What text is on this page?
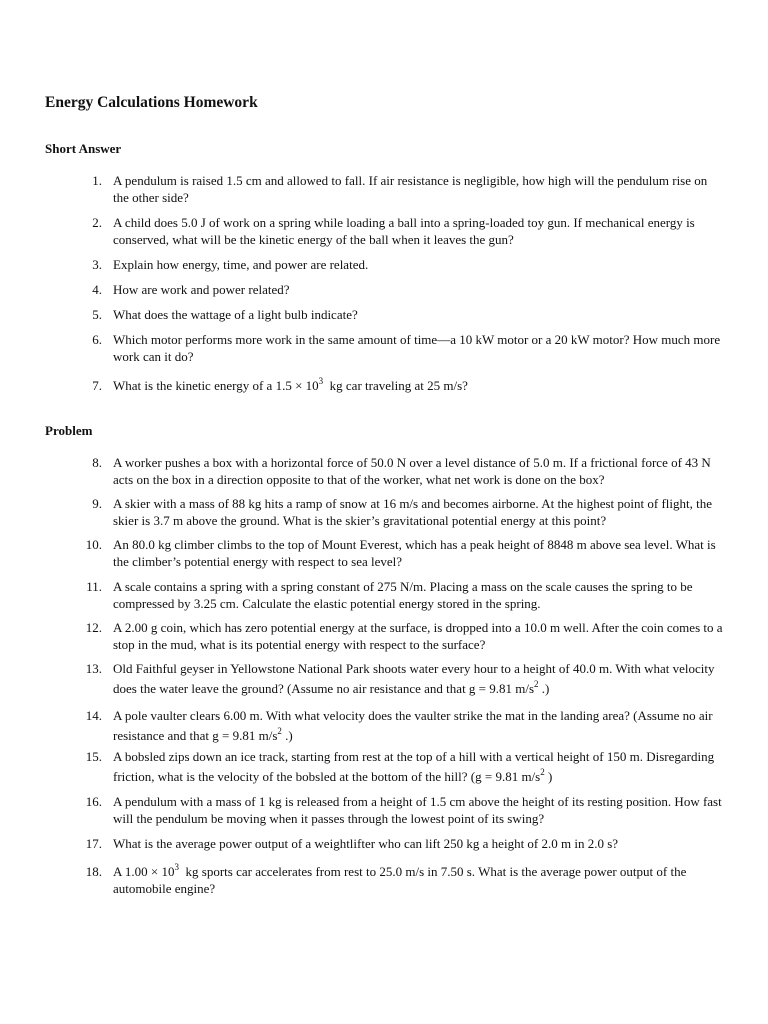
Energy Calculations Homework
Short Answer
1. A pendulum is raised 1.5 cm and allowed to fall. If air resistance is negligible, how high will the pendulum rise on the other side?
2. A child does 5.0 J of work on a spring while loading a ball into a spring-loaded toy gun. If mechanical energy is conserved, what will be the kinetic energy of the ball when it leaves the gun?
3. Explain how energy, time, and power are related.
4. How are work and power related?
5. What does the wattage of a light bulb indicate?
6. Which motor performs more work in the same amount of time—a 10 kW motor or a 20 kW motor? How much more work can it do?
7. What is the kinetic energy of a $1.5 \times 10^3$  kg car traveling at 25 m/s?
Problem
8. A worker pushes a box with a horizontal force of 50.0 N over a level distance of 5.0 m. If a frictional force of 43 N acts on the box in a direction opposite to that of the worker, what net work is done on the box?
9. A skier with a mass of 88 kg hits a ramp of snow at 16 m/s and becomes airborne. At the highest point of flight, the skier is 3.7 m above the ground. What is the skier’s gravitational potential energy at this point?
10. An 80.0 kg climber climbs to the top of Mount Everest, which has a peak height of 8848 m above sea level. What is the climber’s potential energy with respect to sea level?
11. A scale contains a spring with a spring constant of 275 N/m. Placing a mass on the scale causes the spring to be compressed by 3.25 cm. Calculate the elastic potential energy stored in the spring.
12. A 2.00 g coin, which has zero potential energy at the surface, is dropped into a 10.0 m well. After the coin comes to a stop in the mud, what is its potential energy with respect to the surface?
13. Old Faithful geyser in Yellowstone National Park shoots water every hour to a height of 40.0 m. With what velocity does the water leave the ground? (Assume no air resistance and that g = 9.81 $m/s^2$ .)
14. A pole vaulter clears 6.00 m. With what velocity does the vaulter strike the mat in the landing area? (Assume no air resistance and that g = 9.81 $m/s^2$ .)
15. A bobsled zips down an ice track, starting from rest at the top of a hill with a vertical height of 150 m. Disregarding friction, what is the velocity of the bobsled at the bottom of the hill? (g = 9.81 $m/s^2$ )
16. A pendulum with a mass of 1 kg is released from a height of 1.5 cm above the height of its resting position. How fast will the pendulum be moving when it passes through the lowest point of its swing?
17. What is the average power output of a weightlifter who can lift 250 kg a height of 2.0 m in 2.0 s?
18. A $1.00 \times 10^3$  kg sports car accelerates from rest to 25.0 m/s in 7.50 s. What is the average power output of the automobile engine?
